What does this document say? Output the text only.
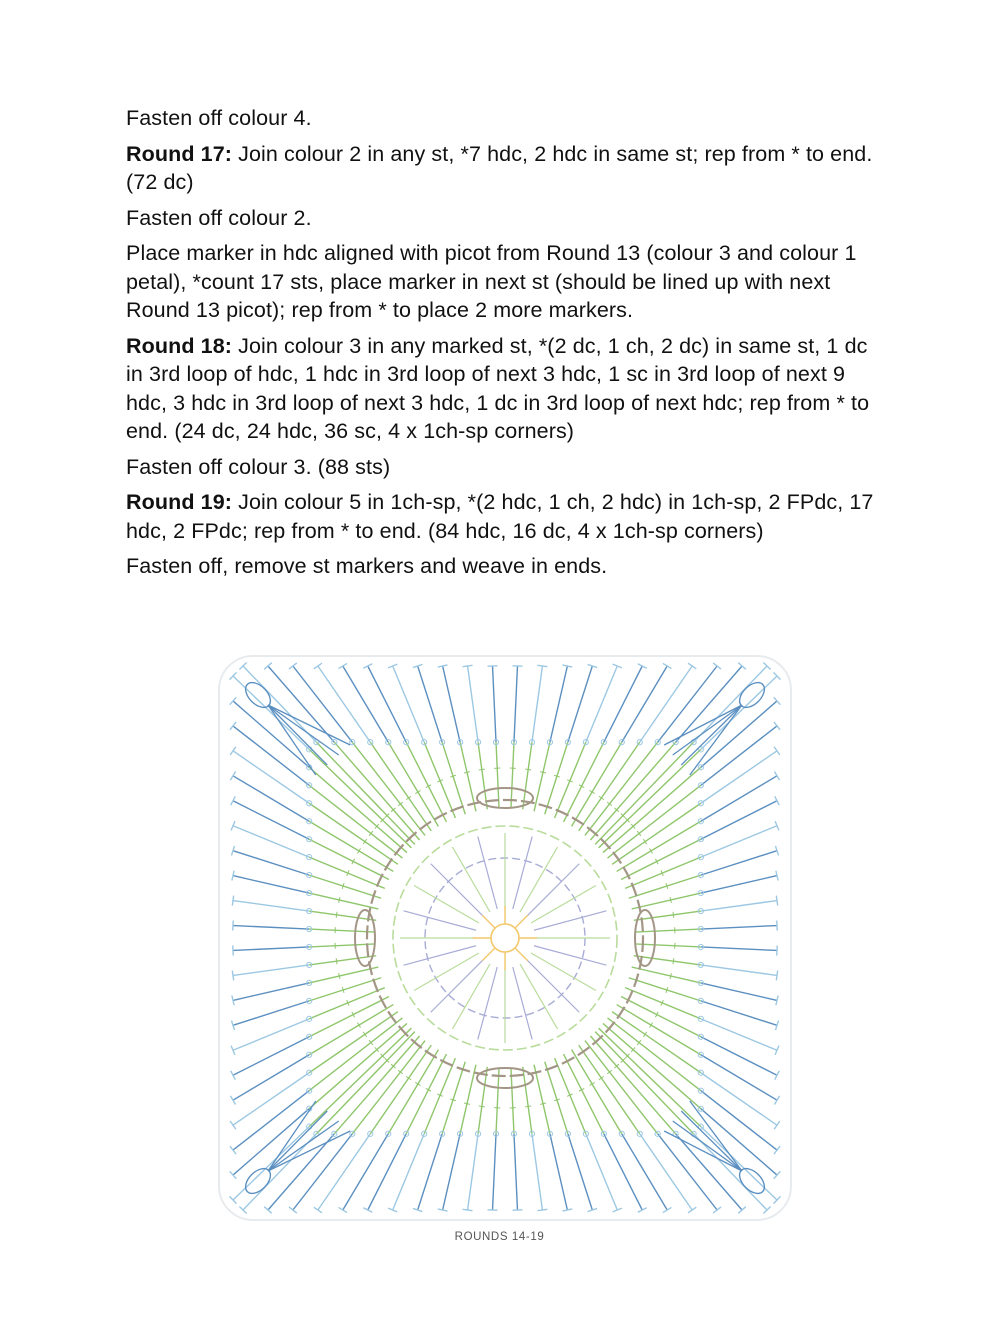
Fasten off colour 4.

Round 17: Join colour 2 in any st, *7 hdc, 2 hdc in same st; rep from * to end. (72 dc)

Fasten off colour 2.

Place marker in hdc aligned with picot from Round 13 (colour 3 and colour 1 petal), *count 17 sts, place marker in next st (should be lined up with next Round 13 picot); rep from * to place 2 more markers.

Round 18: Join colour 3 in any marked st, *(2 dc, 1 ch, 2 dc) in same st, 1 dc in 3rd loop of hdc, 1 hdc in 3rd loop of next 3 hdc, 1 sc in 3rd loop of next 9 hdc, 3 hdc in 3rd loop of next 3 hdc, 1 dc in 3rd loop of next hdc; rep from * to end. (24 dc, 24 hdc, 36 sc, 4 x 1ch-sp corners)

Fasten off colour 3. (88 sts)

Round 19: Join colour 5 in 1ch-sp, *(2 hdc, 1 ch, 2 hdc) in 1ch-sp, 2 FPdc, 17 hdc, 2 FPdc; rep from * to end. (84 hdc, 16 dc, 4 x 1ch-sp corners)

Fasten off, remove st markers and weave in ends.

ROUNDS 14-19
